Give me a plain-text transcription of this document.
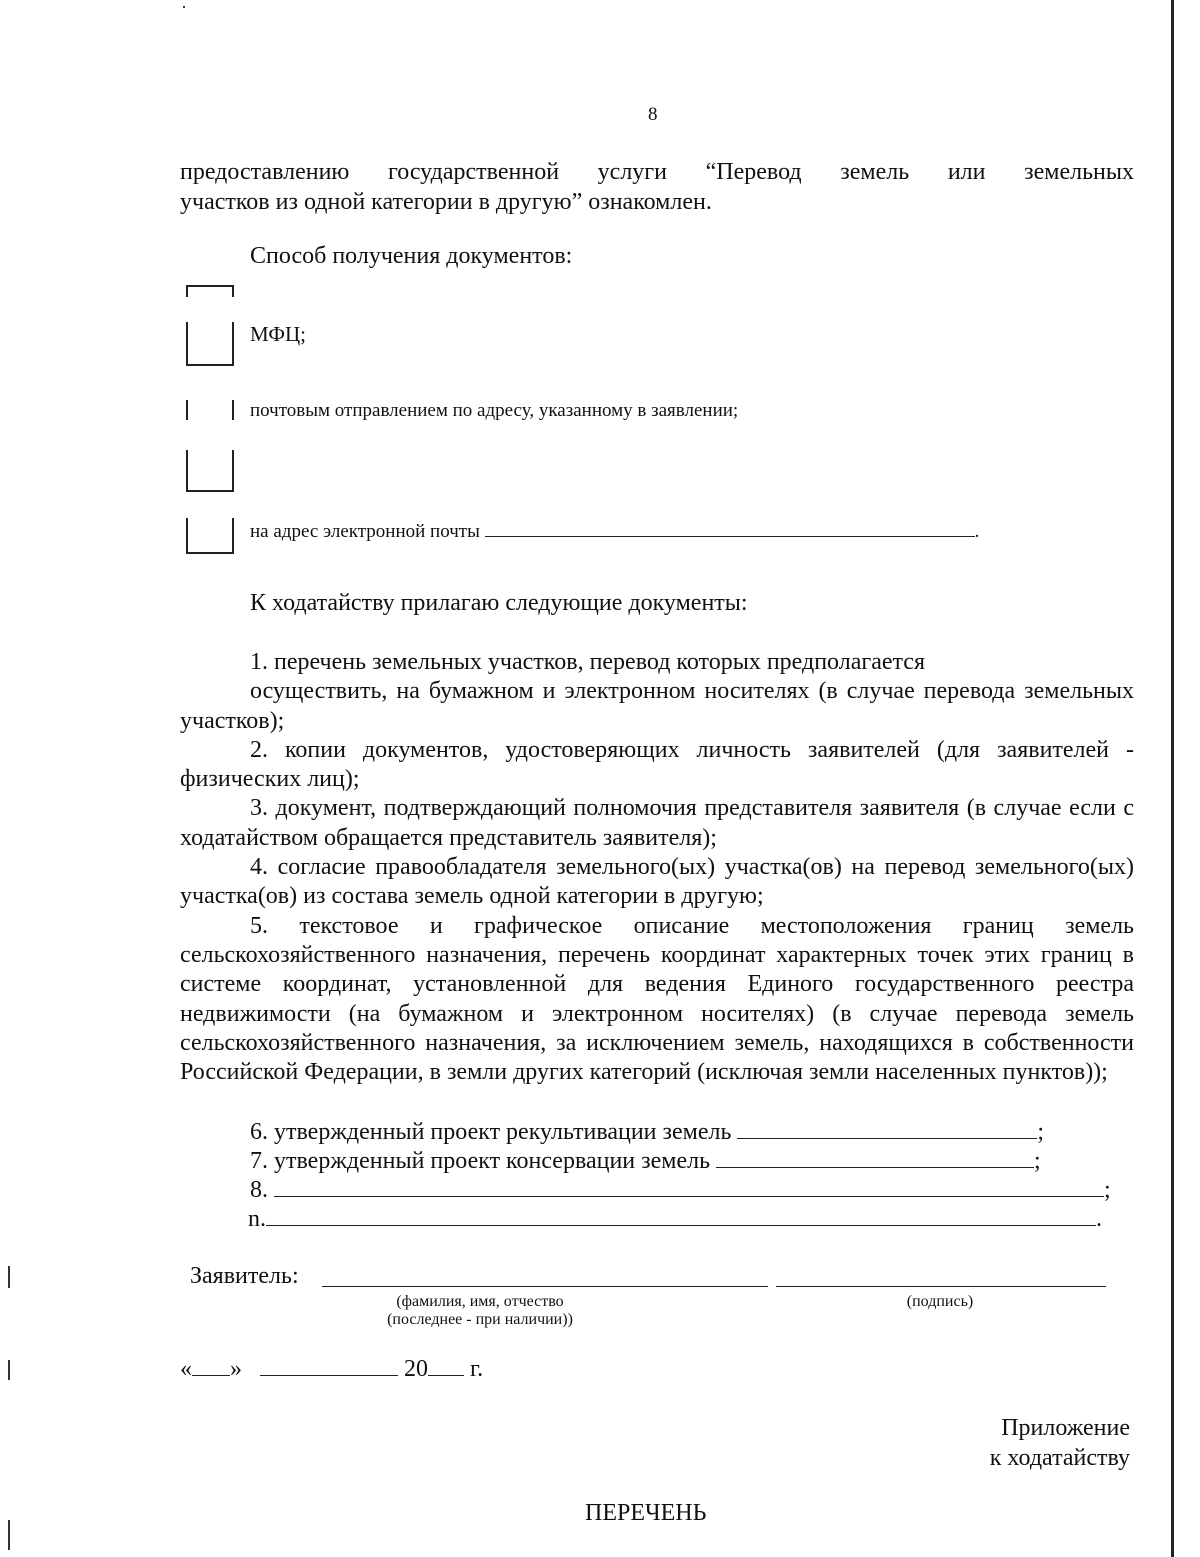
8
предоставлению государственной услуги “Перевод земель или земельных
участков из одной категории в другую” ознакомлен.
Способ получения документов:
МФЦ;
почтовым отправлением по адресу, указанному в заявлении;
на адрес электронной почты	.
К ходатайству прилагаю следующие документы:

1. перечень земельных участков, перевод которых предполагается

осуществить, на бумажном и электронном носителях (в случае перевода земельных участков);

2. копии документов, удостоверяющих личность заявителей (для заявителей - физических лиц);

3. документ, подтверждающий полномочия представителя заявителя (в случае если с ходатайством обращается представитель заявителя);

4. согласие правообладателя земельного(ых) участка(ов) на перевод земельного(ых) участка(ов) из состава земель одной категории в другую;

5. текстовое и графическое описание местоположения границ земель сельскохозяйственного назначения, перечень координат характерных точек этих границ в системе координат, установленной для ведения Единого государственного реестра недвижимости (на бумажном и электронном носителях) (в случае перевода земель сельскохозяйственного назначения, за исключением земель, находящихся в собственности Российской Федерации, в земли других категорий (исключая земли населенных пунктов));

6. утвержденный проект рекультивации земель	;
7. утвержденный проект консервации земель	;
8.	;
n.	.
Заявитель:
(фамилия, имя, отчество
(последнее - при наличии))
(подпись)
« »	20 г.
Приложение
к ходатайству
ПЕРЕЧЕНЬ
